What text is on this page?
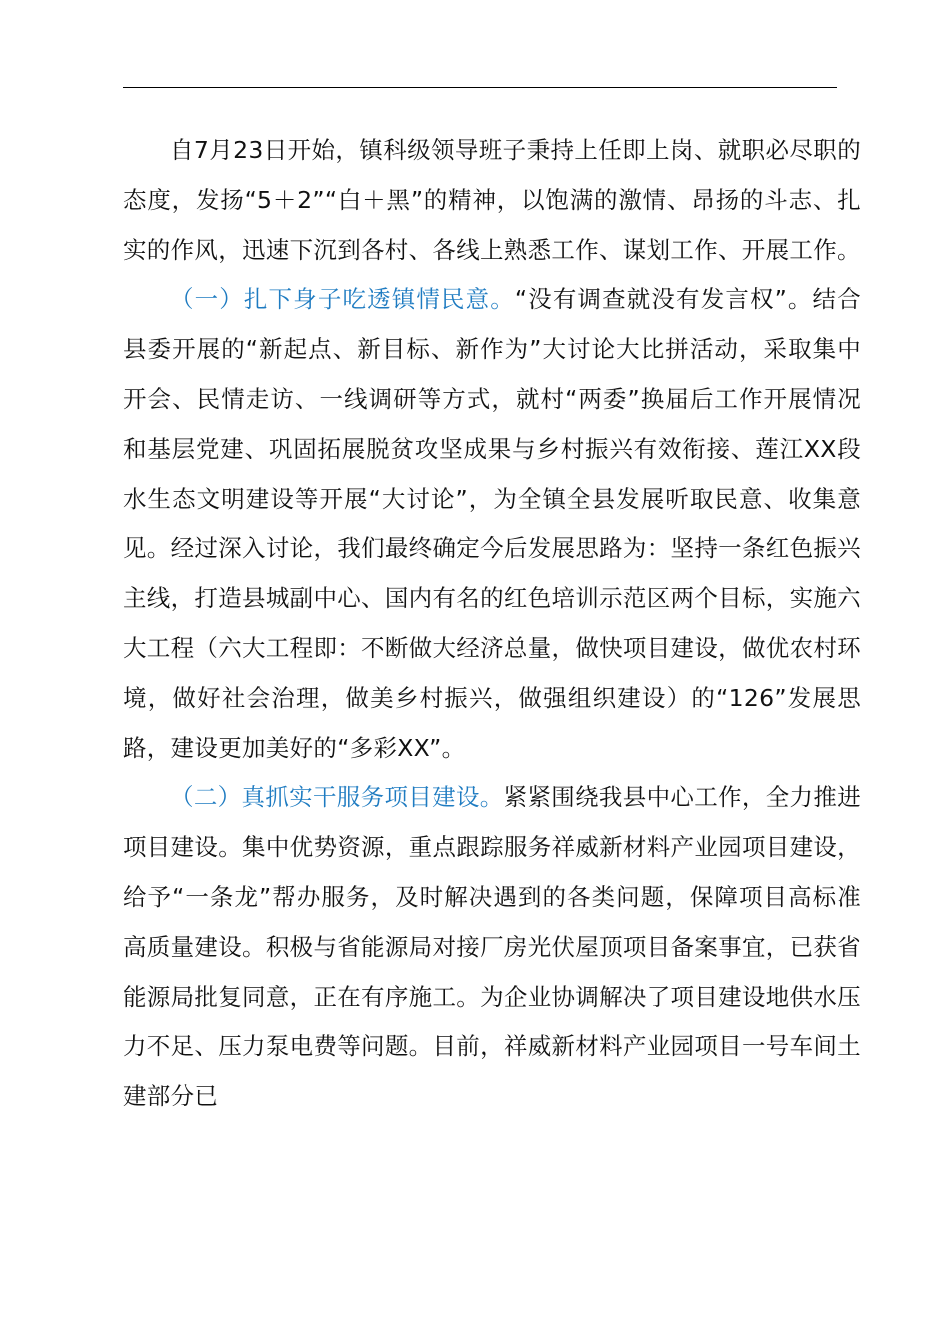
自7月23日开始，镇科级领导班子秉持上任即上岗、就职必尽职的态度，发扬“5＋2”“白＋黑”的精神，以饱满的激情、昂扬的斗志、扎实的作风，迅速下沉到各村、各线上熟悉工作、谋划工作、开展工作。

（一）扎下身子吃透镇情民意。“没有调查就没有发言权”。结合县委开展的“新起点、新目标、新作为”大讨论大比拼活动，采取集中开会、民情走访、一线调研等方式，就村“两委”换届后工作开展情况和基层党建、巩固拓展脱贫攻坚成果与乡村振兴有效衔接、莲江XX段水生态文明建设等开展“大讨论”，为全镇全县发展听取民意、收集意见。经过深入讨论，我们最终确定今后发展思路为：坚持一条红色振兴主线，打造县城副中心、国内有名的红色培训示范区两个目标，实施六大工程（六大工程即：不断做大经济总量，做快项目建设，做优农村环境，做好社会治理，做美乡村振兴，做强组织建设）的“126”发展思路，建设更加美好的“多彩XX”。

（二）真抓实干服务项目建设。紧紧围绕我县中心工作，全力推进项目建设。集中优势资源，重点跟踪服务祥威新材料产业园项目建设，给予“一条龙”帮办服务，及时解决遇到的各类问题，保障项目高标准高质量建设。积极与省能源局对接厂房光伏屋顶项目备案事宜，已获省能源局批复同意，正在有序施工。为企业协调解决了项目建设地供水压力不足、压力泵电费等问题。目前，祥威新材料产业园项目一号车间土建部分已
